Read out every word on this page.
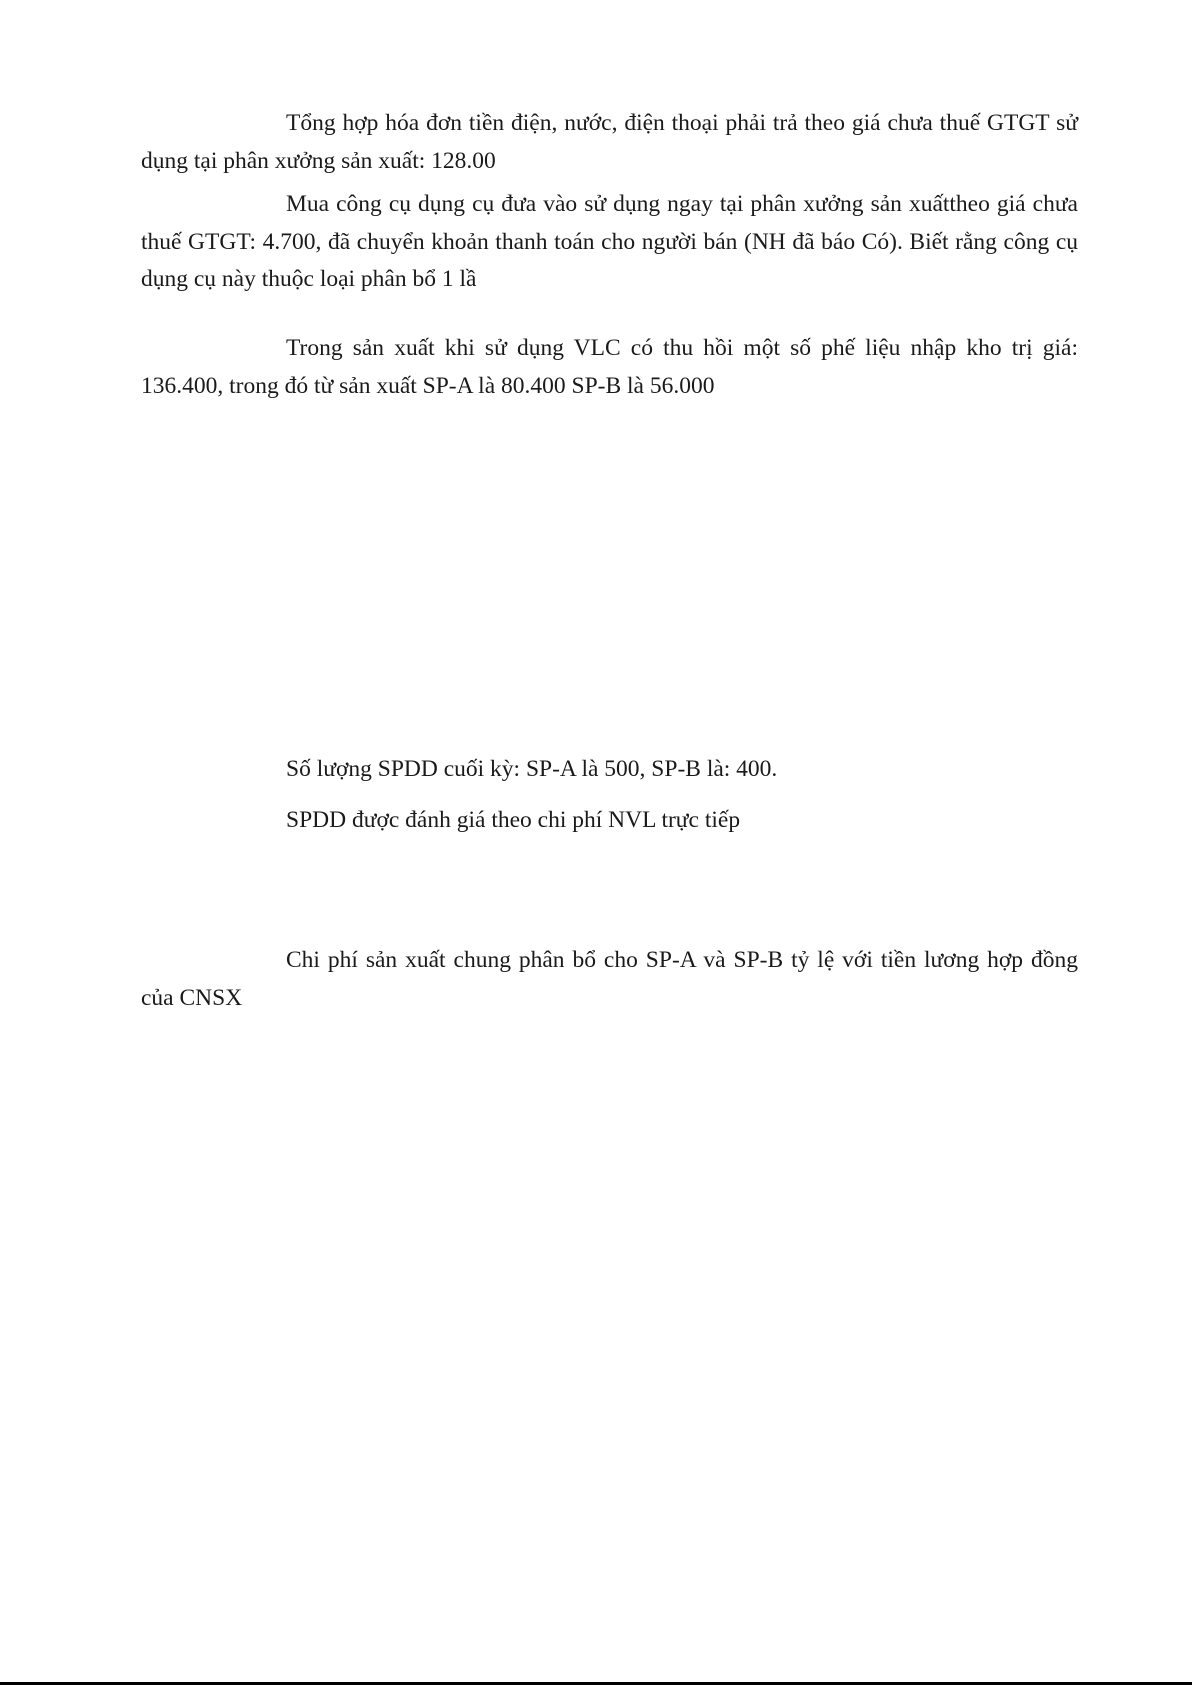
Tổng hợp hóa đơn tiền điện, nước, điện thoại phải trả theo giá chưa thuế GTGT sử dụng tại phân xưởng sản xuất: 128.00

Mua công cụ dụng cụ đưa vào sử dụng ngay tại phân xưởng sản xuấttheo giá chưa thuế GTGT: 4.700, đã chuyển khoản thanh toán cho người bán (NH đã báo Có). Biết rằng công cụ dụng cụ này thuộc loại phân bổ 1 lầ

Trong sản xuất khi sử dụng VLC có thu hồi một số phế liệu nhập kho trị giá: 136.400, trong đó từ sản xuất SP-A là 80.400 SP-B là 56.000

Số lượng SPDD cuối kỳ: SP-A là 500, SP-B là: 400.

SPDD được đánh giá theo chi phí NVL trực tiếp

Chi phí sản xuất chung phân bổ cho SP-A và SP-B tỷ lệ với tiền lương hợp đồng của CNSX
